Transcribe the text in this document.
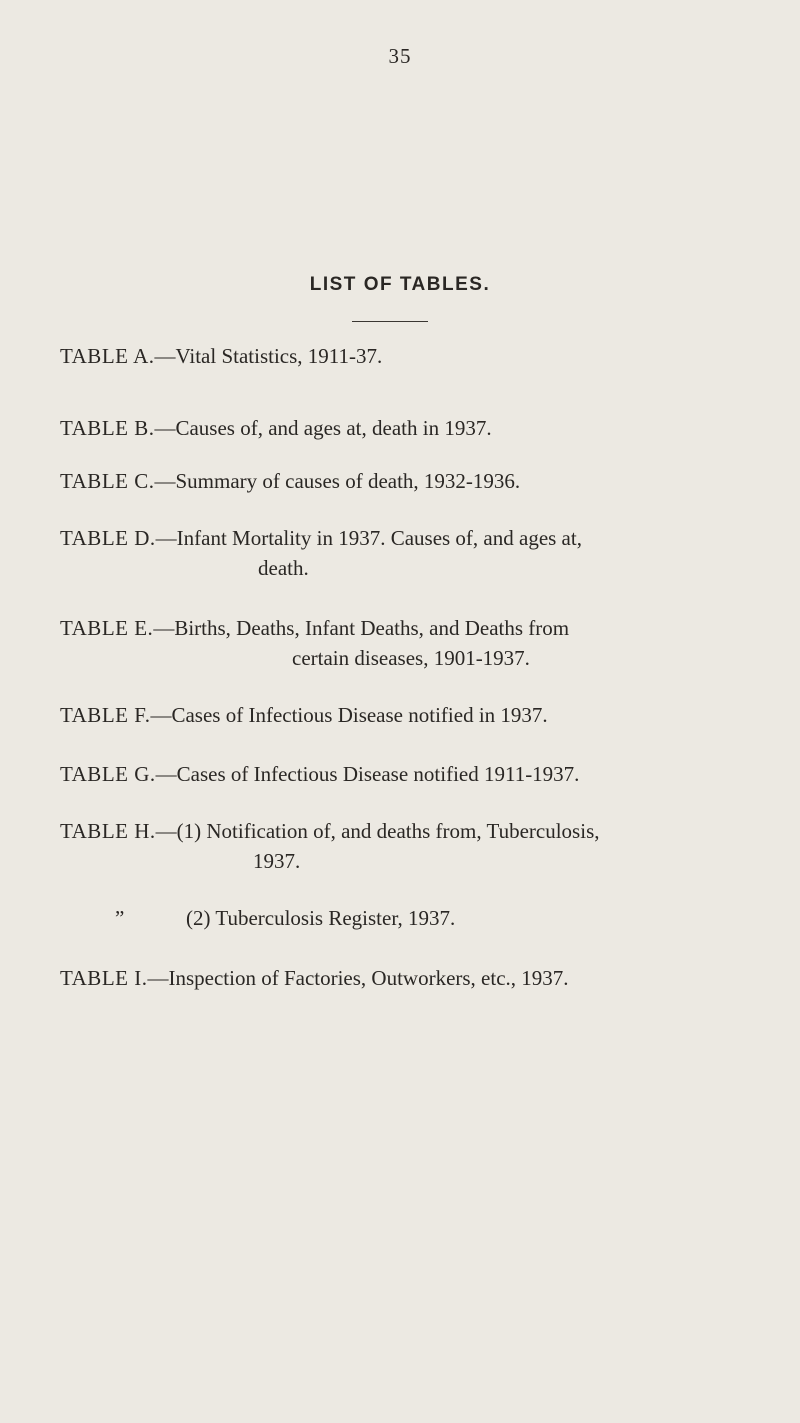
35
LIST OF TABLES.
TABLE A.—Vital Statistics, 1911-37.
TABLE B.—Causes of, and ages at, death in 1937.
TABLE C.—Summary of causes of death, 1932-1936.
TABLE D.—Infant Mortality in 1937. Causes of, and ages at,
death.
TABLE E.—Births, Deaths, Infant Deaths, and Deaths from
certain diseases, 1901-1937.
TABLE F.—Cases of Infectious Disease notified in 1937.
TABLE G.—Cases of Infectious Disease notified 1911-1937.
TABLE H.—(1) Notification of, and deaths from, Tuberculosis,
1937.
”	(2) Tuberculosis Register, 1937.
TABLE I.—Inspection of Factories, Outworkers, etc., 1937.
